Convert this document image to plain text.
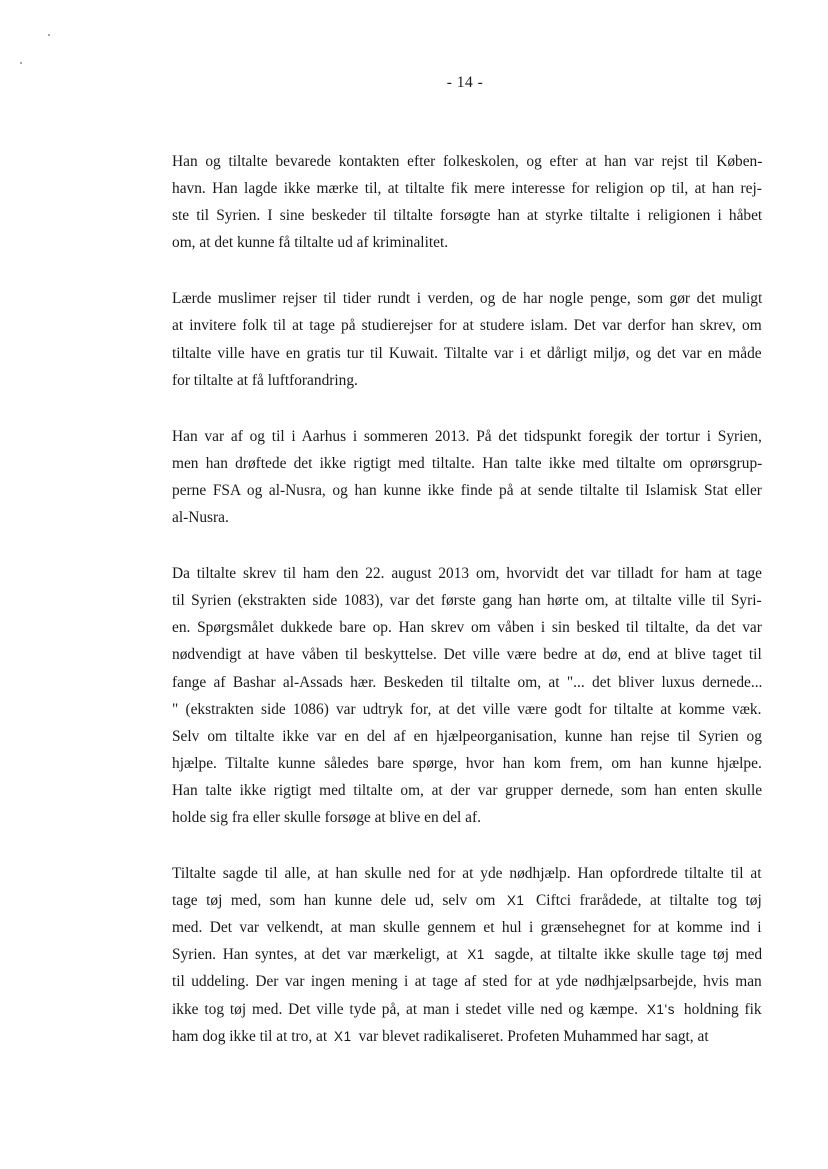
- 14 -
Han og tiltalte bevarede kontakten efter folkeskolen, og efter at han var rejst til Køben-
havn. Han lagde ikke mærke til, at tiltalte fik mere interesse for religion op til, at han rej-
ste til Syrien. I sine beskeder til tiltalte forsøgte han at styrke tiltalte i religionen i håbet
om, at det kunne få tiltalte ud af kriminalitet.
Lærde muslimer rejser til tider rundt i verden, og de har nogle penge, som gør det muligt
at invitere folk til at tage på studierejser for at studere islam. Det var derfor han skrev, om
tiltalte ville have en gratis tur til Kuwait. Tiltalte var i et dårligt miljø, og det var en måde
for tiltalte at få luftforandring.
Han var af og til i Aarhus i sommeren 2013. På det tidspunkt foregik der tortur i Syrien,
men han drøftede det ikke rigtigt med tiltalte. Han talte ikke med tiltalte om oprørsgrup-
perne FSA og al-Nusra, og han kunne ikke finde på at sende tiltalte til Islamisk Stat eller
al-Nusra.
Da tiltalte skrev til ham den 22. august 2013 om, hvorvidt det var tilladt for ham at tage
til Syrien (ekstrakten side 1083), var det første gang han hørte om, at tiltalte ville til Syri-
en. Spørgsmålet dukkede bare op. Han skrev om våben i sin besked til tiltalte, da det var
nødvendigt at have våben til beskyttelse. Det ville være bedre at dø, end at blive taget til
fange af Bashar al-Assads hær. Beskeden til tiltalte om, at "... det bliver luxus dernede...
" (ekstrakten side 1086) var udtryk for, at det ville være godt for tiltalte at komme væk.
Selv om tiltalte ikke var en del af en hjælpeorganisation, kunne han rejse til Syrien og
hjælpe. Tiltalte kunne således bare spørge, hvor han kom frem, om han kunne hjælpe.
Han talte ikke rigtigt med tiltalte om, at der var grupper dernede, som han enten skulle
holde sig fra eller skulle forsøge at blive en del af.
Tiltalte sagde til alle, at han skulle ned for at yde nødhjælp. Han opfordrede tiltalte til at
tage tøj med, som han kunne dele ud, selv om X1 Ciftci frarådede, at tiltalte tog tøj
med. Det var velkendt, at man skulle gennem et hul i grænsehegnet for at komme ind i
Syrien. Han syntes, at det var mærkeligt, at X1 sagde, at tiltalte ikke skulle tage tøj med
til uddeling. Der var ingen mening i at tage af sted for at yde nødhjælpsarbejde, hvis man
ikke tog tøj med. Det ville tyde på, at man i stedet ville ned og kæmpe. X1's holdning fik
ham dog ikke til at tro, at X1 var blevet radikaliseret. Profeten Muhammed har sagt, at
